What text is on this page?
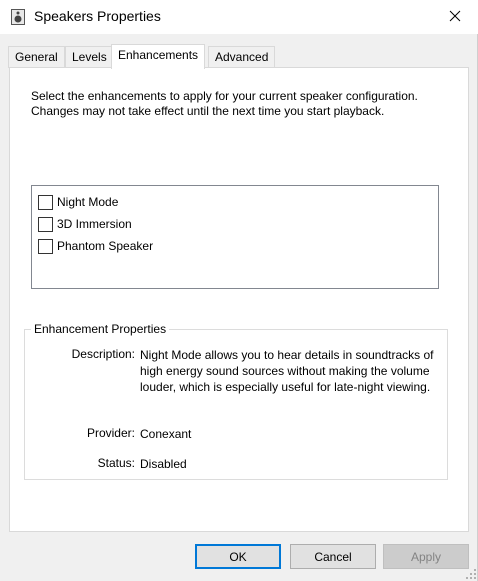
Speakers Properties
General	Levels Enhancements	Advanced
Select the enhancements to apply for your current speaker configuration. Changes may not take effect until the next time you start playback.
Night Mode
3D Immersion
Phantom Speaker
Enhancement Properties
Description: Night Mode allows you to hear details in soundtracks of high energy sound sources without making the volume louder, which is especially useful for late-night viewing.
Provider: Conexant
Status: Disabled
OK	Cancel	Apply
